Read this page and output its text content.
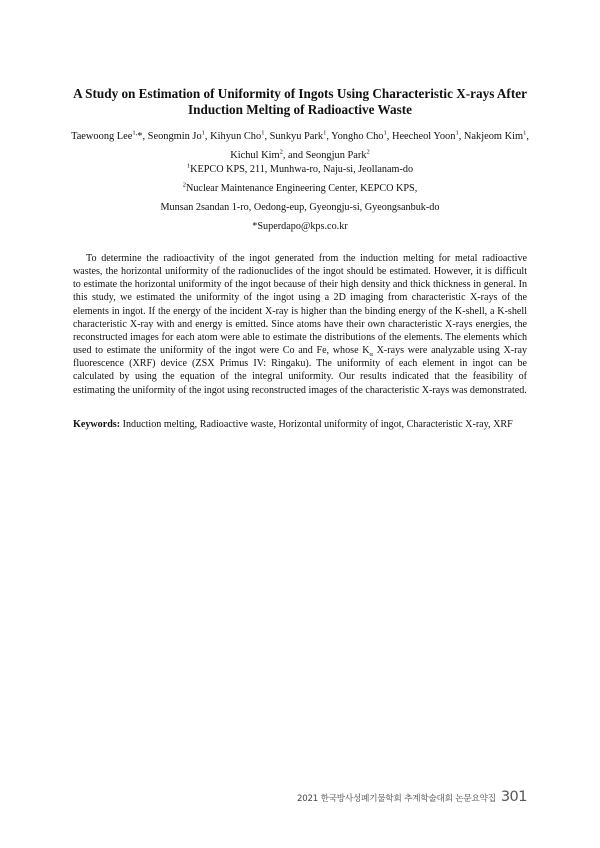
A Study on Estimation of Uniformity of Ingots Using Characteristic X-rays After Induction Melting of Radioactive Waste
Taewoong Lee$^{1,}$*, Seongmin Jo$^1$, Kihyun Cho$^1$, Sunkyu Park$^1$, Yongho Cho$^1$, Heecheol Yoon$^1$, Nakjeom Kim$^1$,
Kichul Kim$^2$, and Seongjun Park$^2$
$^1$KEPCO KPS, 211, Munhwa-ro, Naju-si, Jeollanam-do
$^2$Nuclear Maintenance Engineering Center, KEPCO KPS,
Munsan 2sandan 1-ro, Oedong-eup, Gyeongju-si, Gyeongsanbuk-do
*Superdapo@kps.co.kr

To determine the radioactivity of the ingot generated from the induction melting for metal radioactive wastes, the horizontal uniformity of the radionuclides of the ingot should be estimated. However, it is difficult to estimate the horizontal uniformity of the ingot because of their high density and thick thickness in general. In this study, we estimated the uniformity of the ingot using a 2D imaging from characteristic X-rays of the elements in ingot. If the energy of the incident X-ray is higher than the binding energy of the K-shell, a K-shell characteristic X-ray with and energy is emitted. Since atoms have their own characteristic X-rays energies, the reconstructed images for each atom were able to estimate the distributions of the elements. The elements which used to estimate the uniformity of the ingot were Co and Fe, whose $K_\alpha$ X-rays were analyzable using X-ray fluorescence (XRF) device (ZSX Primus IV: Ringaku). The uniformity of each element in ingot can be calculated by using the equation of the integral uniformity. Our results indicated that the feasibility of estimating the uniformity of the ingot using reconstructed images of the characteristic X-rays was demonstrated.

Keywords: Induction melting, Radioactive waste, Horizontal uniformity of ingot, Characteristic X-ray, XRF

2021 한국방사성폐기물학회 추계학술대회 논문요약집 301
